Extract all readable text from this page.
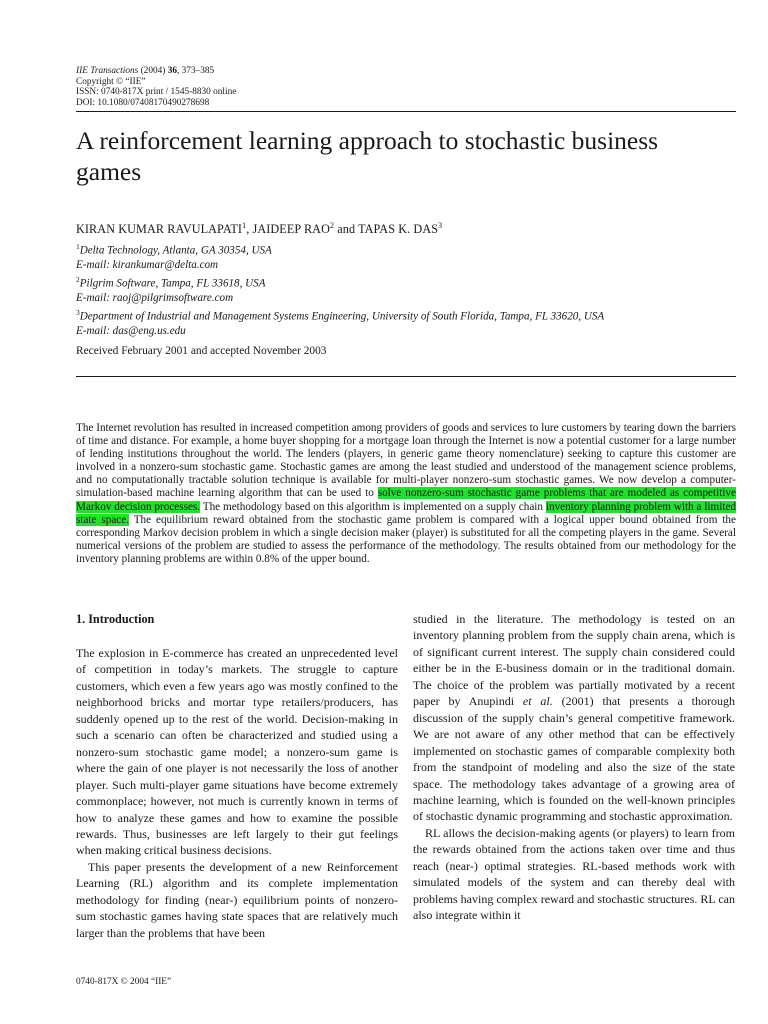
IIE Transactions (2004) 36, 373–385
Copyright © “IIE”
ISSN: 0740-817X print / 1545-8830 online
DOI: 10.1080/07408170490278698
A reinforcement learning approach to stochastic business games
KIRAN KUMAR RAVULAPATI$^1$, JAIDEEP RAO$^2$ and TAPAS K. DAS$^3$
$^1$Delta Technology, Atlanta, GA 30354, USA
E-mail: kirankumar@delta.com
$^2$Pilgrim Software, Tampa, FL 33618, USA
E-mail: raoj@pilgrimsoftware.com
$^3$Department of Industrial and Management Systems Engineering, University of South Florida, Tampa, FL 33620, USA
E-mail: das@eng.us.edu
Received February 2001 and accepted November 2003

The Internet revolution has resulted in increased competition among providers of goods and services to lure customers by tearing down the barriers of time and distance. For example, a home buyer shopping for a mortgage loan through the Internet is now a potential customer for a large number of lending institutions throughout the world. The lenders (players, in generic game theory nomenclature) seeking to capture this customer are involved in a nonzero-sum stochastic game. Stochastic games are among the least studied and understood of the management science problems, and no computationally tractable solution technique is available for multi-player nonzero-sum stochastic games. We now develop a computer-simulation-based machine learning algorithm that can be used to solve nonzero-sum stochastic game problems that are modeled as competitive Markov decision processes. The methodology based on this algorithm is implemented on a supply chain inventory planning problem with a limited state space. The equilibrium reward obtained from the stochastic game problem is compared with a logical upper bound obtained from the corresponding Markov decision problem in which a single decision maker (player) is substituted for all the competing players in the game. Several numerical versions of the problem are studied to assess the performance of the methodology. The results obtained from our methodology for the inventory planning problems are within 0.8% of the upper bound.

1. Introduction

The explosion in E-commerce has created an unprecedented level of competition in today’s markets. The struggle to capture customers, which even a few years ago was mostly confined to the neighborhood bricks and mortar type retailers/producers, has suddenly opened up to the rest of the world. Decision-making in such a scenario can often be characterized and studied using a nonzero-sum stochastic game model; a nonzero-sum game is where the gain of one player is not necessarily the loss of another player. Such multi-player game situations have become extremely commonplace; however, not much is currently known in terms of how to analyze these games and how to examine the possible rewards. Thus, businesses are left largely to their gut feelings when making critical business decisions.

This paper presents the development of a new Reinforcement Learning (RL) algorithm and its complete implementation methodology for finding (near-) equilibrium points of nonzero-sum stochastic games having state spaces that are relatively much larger than the problems that have been

studied in the literature. The methodology is tested on an inventory planning problem from the supply chain arena, which is of significant current interest. The supply chain considered could either be in the E-business domain or in the traditional domain. The choice of the problem was partially motivated by a recent paper by Anupindi et al. (2001) that presents a thorough discussion of the supply chain’s general competitive framework. We are not aware of any other method that can be effectively implemented on stochastic games of comparable complexity both from the standpoint of modeling and also the size of the state space. The methodology takes advantage of a growing area of machine learning, which is founded on the well-known principles of stochastic dynamic programming and stochastic approximation.

RL allows the decision-making agents (or players) to learn from the rewards obtained from the actions taken over time and thus reach (near-) optimal strategies. RL-based methods work with simulated models of the system and can thereby deal with problems having complex reward and stochastic structures. RL can also integrate within it

0740-817X © 2004 “IIE”
